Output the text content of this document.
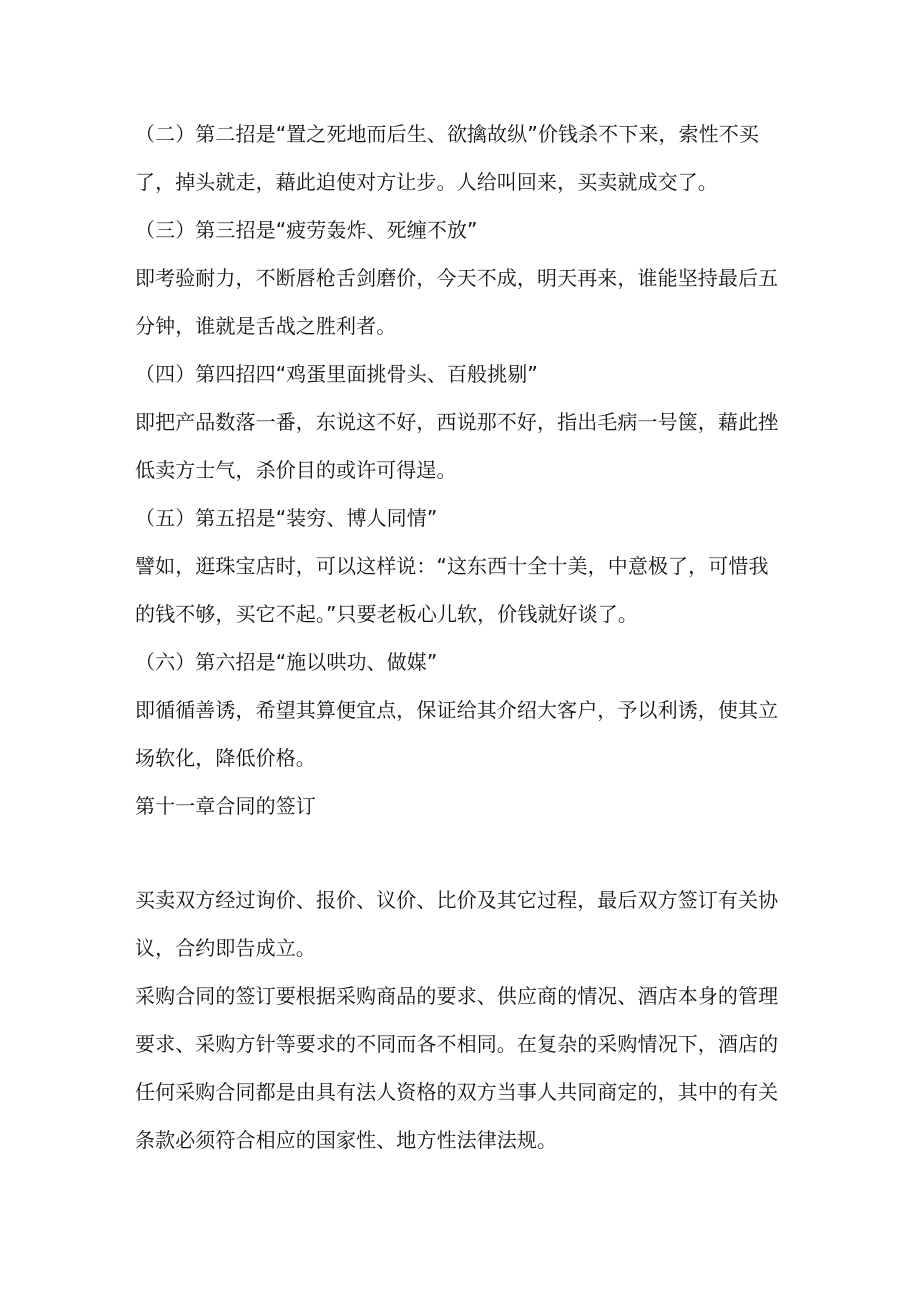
（二）第二招是“置之死地而后生、欲擒故纵”价钱杀不下来，索性不买
了，掉头就走，藉此迫使对方让步。人给叫回来，买卖就成交了。
（三）第三招是“疲劳轰炸、死缠不放”
即考验耐力，不断唇枪舌剑磨价，今天不成，明天再来，谁能坚持最后五
分钟，谁就是舌战之胜利者。
（四）第四招四“鸡蛋里面挑骨头、百般挑剔”
即把产品数落一番，东说这不好，西说那不好，指出毛病一号箧，藉此挫
低卖方士气，杀价目的或许可得逞。
（五）第五招是“装穷、博人同情”
譬如，逛珠宝店时，可以这样说：“这东西十全十美，中意极了，可惜我
的钱不够，买它不起。”只要老板心儿软，价钱就好谈了。
（六）第六招是“施以哄功、做媒”
即循循善诱，希望其算便宜点，保证给其介绍大客户，予以利诱，使其立
场软化，降低价格。
第十一章合同的签订
买卖双方经过询价、报价、议价、比价及其它过程，最后双方签订有关协
议，合约即告成立。
采购合同的签订要根据采购商品的要求、供应商的情况、酒店本身的管理
要求、采购方针等要求的不同而各不相同。在复杂的采购情况下，酒店的
任何采购合同都是由具有法人资格的双方当事人共同商定的，其中的有关
条款必须符合相应的国家性、地方性法律法规。
